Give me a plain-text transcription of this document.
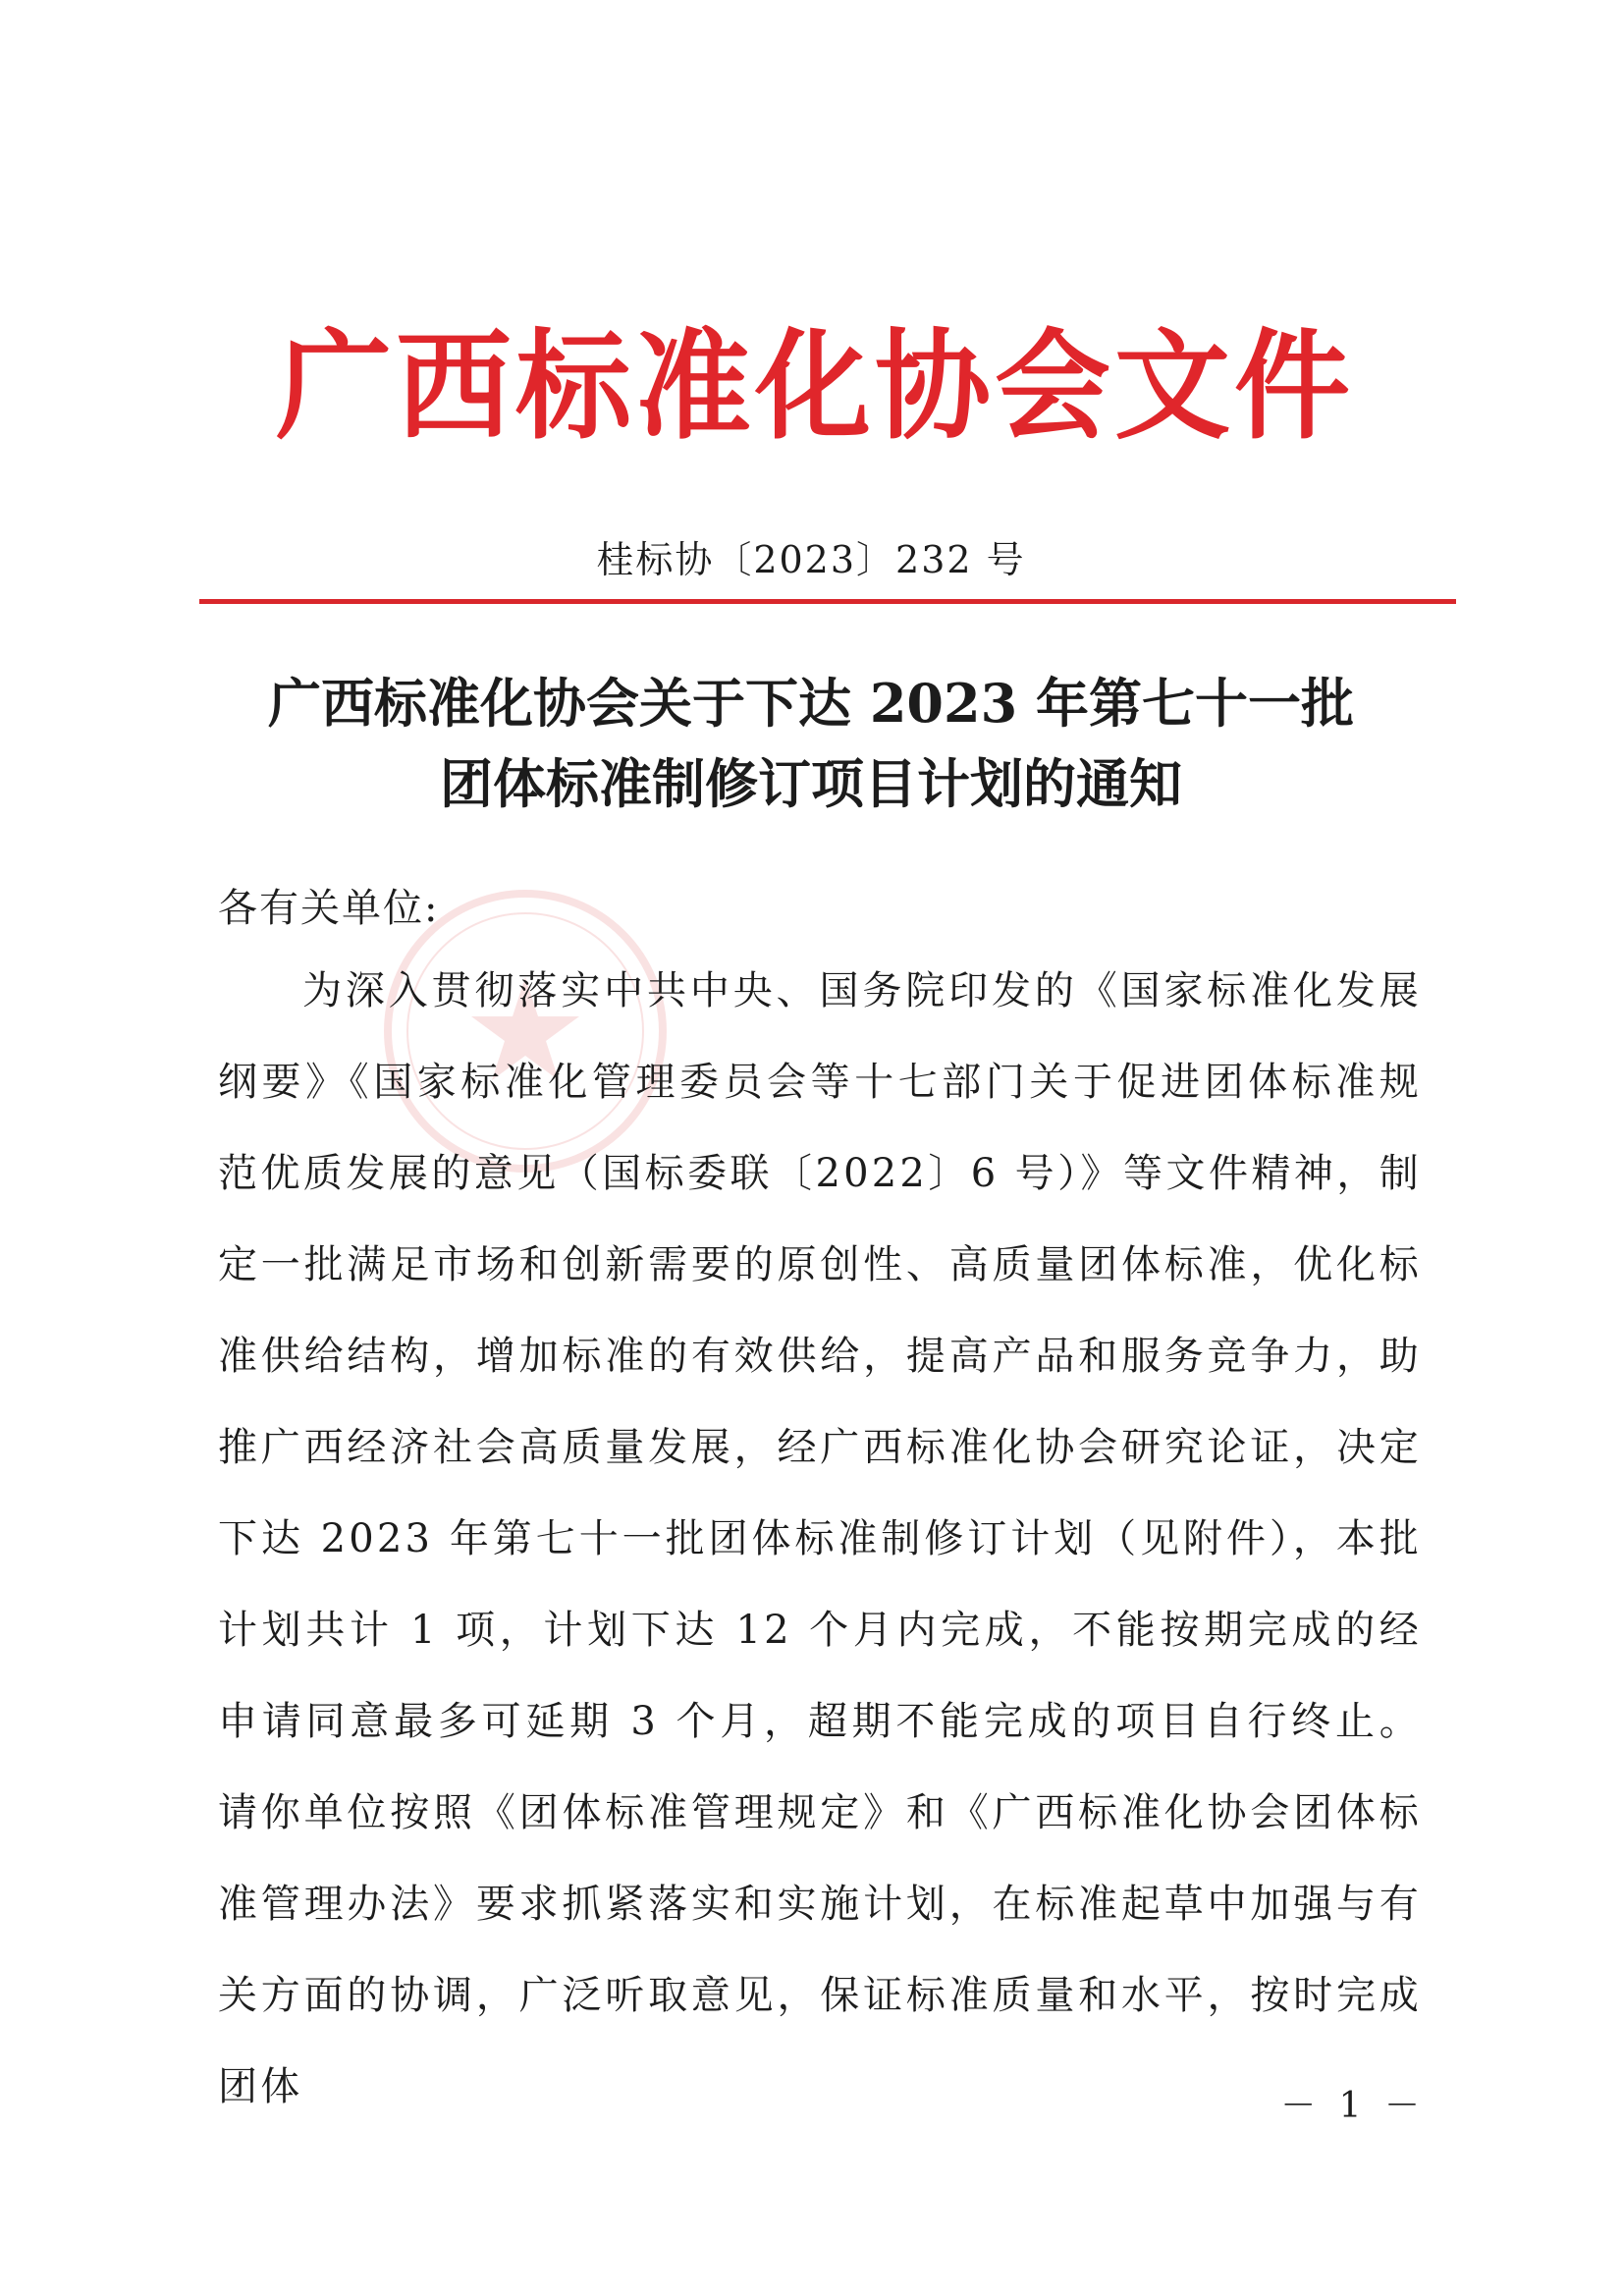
广西标准化协会文件
桂标协〔2023〕232 号
广西标准化协会关于下达 2023 年第七十一批
团体标准制修订项目计划的通知
各有关单位:
为深入贯彻落实中共中央、国务院印发的《国家标准化发展纲要》《国家标准化管理委员会等十七部门关于促进团体标准规范优质发展的意见（国标委联〔2022〕6 号）》等文件精神，制定一批满足市场和创新需要的原创性、高质量团体标准，优化标准供给结构，增加标准的有效供给，提高产品和服务竞争力，助推广西经济社会高质量发展，经广西标准化协会研究论证，决定下达 2023 年第七十一批团体标准制修订计划（见附件），本批计划共计 1 项，计划下达 12 个月内完成，不能按期完成的经申请同意最多可延期 3 个月，超期不能完成的项目自行终止。请你单位按照《团体标准管理规定》和《广西标准化协会团体标准管理办法》要求抓紧落实和实施计划，在标准起草中加强与有关方面的协调，广泛听取意见，保证标准质量和水平，按时完成团体	－ 1 －
